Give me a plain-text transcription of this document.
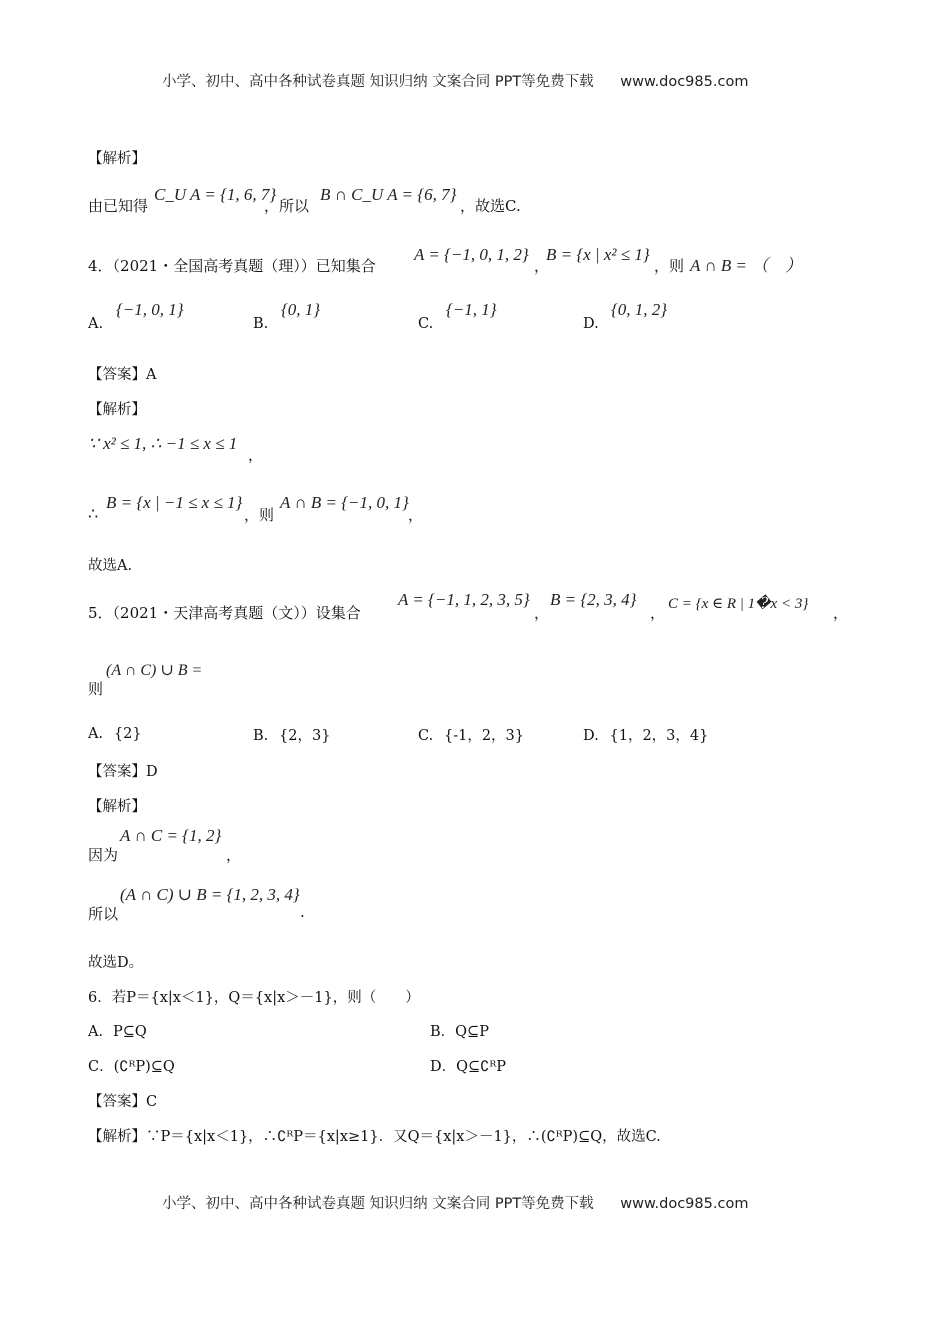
小学、初中、高中各种试卷真题 知识归纳 文案合同 PPT等免费下载 www.doc985.com
【解析】
由已知得
C_U A = {1, 6, 7}
，所以
B ∩ C_U A = {6, 7}
，故选C.
4．（2021・全国高考真题（理））已知集合
A = {−1, 0, 1, 2}
，
B = {x | x² ≤ 1}
，则 A ∩ B = （　）
A.
{−1, 0, 1}
B.
{0, 1}
C.
{−1, 1}
D.
{0, 1, 2}
【答案】A
【解析】
∵ x² ≤ 1, ∴ −1 ≤ x ≤ 1
，
∴
B = {x | −1 ≤ x ≤ 1}
，则
A ∩ B = {−1, 0, 1}
，
故选A.
5．（2021・天津高考真题（文））设集合
A = {−1, 1, 2, 3, 5}
，
B = {2, 3, 4}
， C = {x ∈ R | 1�x < 3} ，
则
(A ∩ C) ∪ B =
A. {2}	B. {2，3}	C. {-1，2，3}	D. {1，2，3，4}
【答案】D
【解析】
因为
A ∩ C = {1, 2}
，
所以
(A ∩ C) ∪ B = {1, 2, 3, 4}
.
故选D。
6．若P＝{x|x＜1}，Q＝{x|x＞－1}，则（　　）
A．P⊆Q	B．Q⊆P
C．(∁ᴿP)⊆Q	D．Q⊆∁ᴿP
【答案】C
【解析】∵P＝{x|x＜1}，∴∁ᴿP＝{x|x≥1}．又Q＝{x|x＞－1}，∴(∁ᴿP)⊆Q，故选C.
小学、初中、高中各种试卷真题 知识归纳 文案合同 PPT等免费下载 www.doc985.com
